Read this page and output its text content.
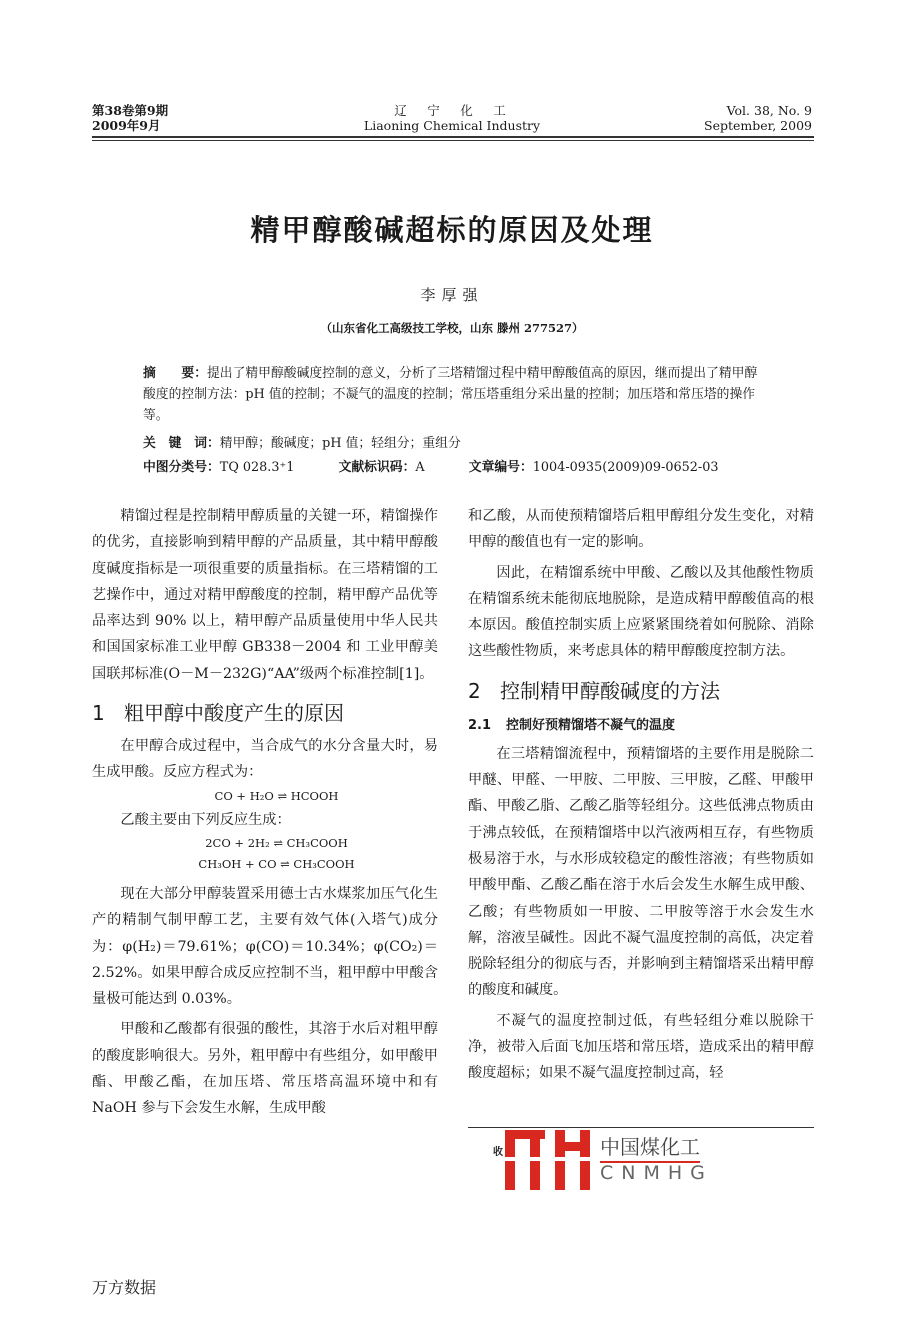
第38卷第9期
2009年9月
辽　宁　化　工
Liaoning Chemical Industry
Vol. 38, No. 9
September, 2009
精甲醇酸碱超标的原因及处理
李厚强
（山东省化工高级技工学校，山东 滕州 277527）
摘　　要：提出了精甲醇酸碱度控制的意义，分析了三塔精馏过程中精甲醇酸值高的原因，继而提出了精甲醇酸度的控制方法：pH 值的控制；不凝气的温度的控制；常压塔重组分采出量的控制；加压塔和常压塔的操作等。
关　键　词：精甲醇；酸碱度；pH 值；轻组分；重组分
中图分类号：TQ 028.3⁺1	文献标识码：A	文章编号：1004-0935(2009)09-0652-03

精馏过程是控制精甲醇质量的关键一环，精馏操作的优劣，直接影响到精甲醇的产品质量，其中精甲醇酸度碱度指标是一项很重要的质量指标。在三塔精馏的工艺操作中，通过对精甲醇酸度的控制，精甲醇产品优等品率达到 90% 以上，精甲醇产品质量使用中华人民共和国国家标准工业甲醇 GB338－2004 和 工业甲醇美国联邦标准(O－M－232G)“AA”级两个标准控制[1]。

1 粗甲醇中酸度产生的原因

在甲醇合成过程中，当合成气的水分含量大时，易生成甲酸。反应方程式为：

CO + H₂O ⇌ HCOOH

乙酸主要由下列反应生成：

2CO + 2H₂ ⇌ CH₃COOH

CH₃OH + CO ⇌ CH₃COOH

现在大部分甲醇装置采用德士古水煤浆加压气化生产的精制气制甲醇工艺，主要有效气体(入塔气)成分为：φ(H₂)＝79.61%；φ(CO)＝10.34%；φ(CO₂)＝2.52%。如果甲醇合成反应控制不当，粗甲醇中甲酸含量极可能达到 0.03%。

甲酸和乙酸都有很强的酸性，其溶于水后对粗甲醇的酸度影响很大。另外，粗甲醇中有些组分，如甲酸甲酯、甲酸乙酯，在加压塔、常压塔高温环境中和有 NaOH 参与下会发生水解，生成甲酸

和乙酸，从而使预精馏塔后粗甲醇组分发生变化，对精甲醇的酸值也有一定的影响。

因此，在精馏系统中甲酸、乙酸以及其他酸性物质在精馏系统未能彻底地脱除，是造成精甲醇酸值高的根本原因。酸值控制实质上应紧紧围绕着如何脱除、消除这些酸性物质，来考虑具体的精甲醇酸度控制方法。

2 控制精甲醇酸碱度的方法
2.1 控制好预精馏塔不凝气的温度

在三塔精馏流程中，预精馏塔的主要作用是脱除二甲醚、甲醛、一甲胺、二甲胺、三甲胺，乙醛、甲酸甲酯、甲酸乙脂、乙酸乙脂等轻组分。这些低沸点物质由于沸点较低，在预精馏塔中以汽液两相互存，有些物质极易溶于水，与水形成较稳定的酸性溶液；有些物质如甲酸甲酯、乙酸乙酯在溶于水后会发生水解生成甲酸、乙酸；有些物质如一甲胺、二甲胺等溶于水会发生水解，溶液呈碱性。因此不凝气温度控制的高低，决定着脱除轻组分的彻底与否，并影响到主精馏塔采出精甲醇的酸度和碱度。

不凝气的温度控制过低，有些轻组分难以脱除干净，被带入后面飞加压塔和常压塔，造成采出的精甲醇酸度超标；如果不凝气温度控制过高，轻

收	中国煤化工
CNMHG
万方数据
